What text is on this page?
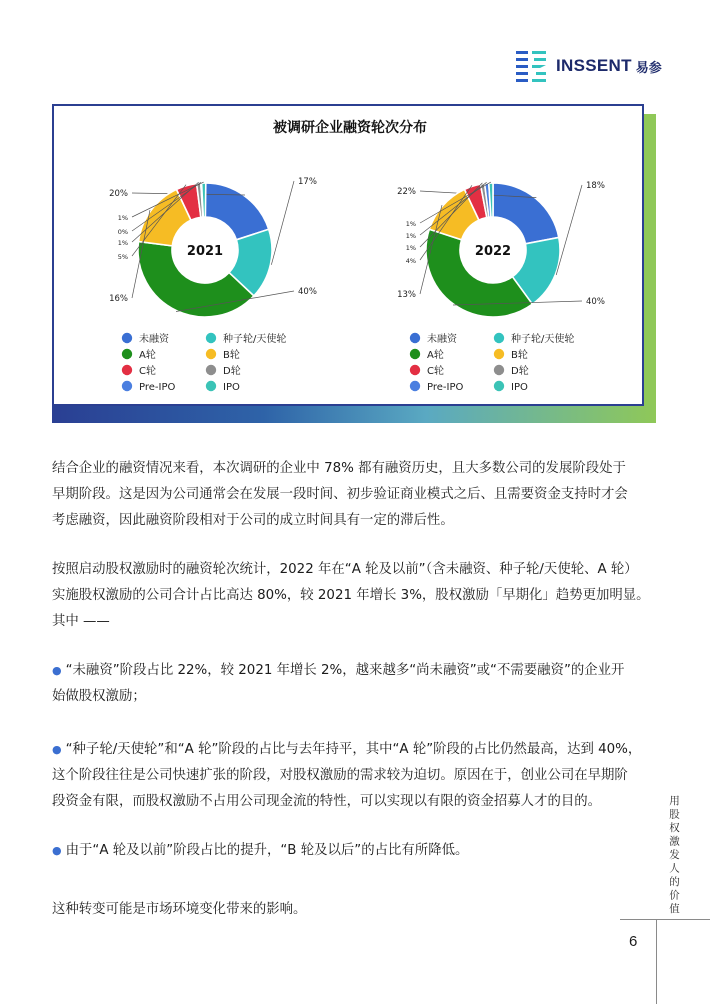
INSSENT 易参
被调研企业融资轮次分布
20%
17%
40%
16%
5%
1%
0%
1%
2021
未融资	种子轮/天使轮
A轮	B轮
C轮	D轮
Pre-IPO	IPO
22%
18%
40%
13%
4%
1%
1%
1%
2022
未融资	种子轮/天使轮
A轮	B轮
C轮	D轮
Pre-IPO	IPO
结合企业的融资情况来看，本次调研的企业中 78% 都有融资历史，且大多数公司的发展阶段处于
早期阶段。这是因为公司通常会在发展一段时间、初步验证商业模式之后、且需要资金支持时才会
考虑融资，因此融资阶段相对于公司的成立时间具有一定的滞后性。
按照启动股权激励时的融资轮次统计，2022 年在“A 轮及以前”（含未融资、种子轮/天使轮、A 轮）
实施股权激励的公司合计占比高达 80%，较 2021 年增长 3%，股权激励「早期化」趋势更加明显。
其中 ——
● “未融资”阶段占比 22%，较 2021 年增长 2%，越来越多“尚未融资”或“不需要融资”的企业开
始做股权激励；
● “种子轮/天使轮”和“A 轮”阶段的占比与去年持平，其中“A 轮”阶段的占比仍然最高，达到 40%，
这个阶段往往是公司快速扩张的阶段，对股权激励的需求较为迫切。原因在于，创业公司在早期阶
段资金有限，而股权激励不占用公司现金流的特性，可以实现以有限的资金招募人才的目的。
● 由于“A 轮及以前”阶段占比的提升，“B 轮及以后”的占比有所降低。
这种转变可能是市场环境变化带来的影响。	用股权激发人的价值
6
